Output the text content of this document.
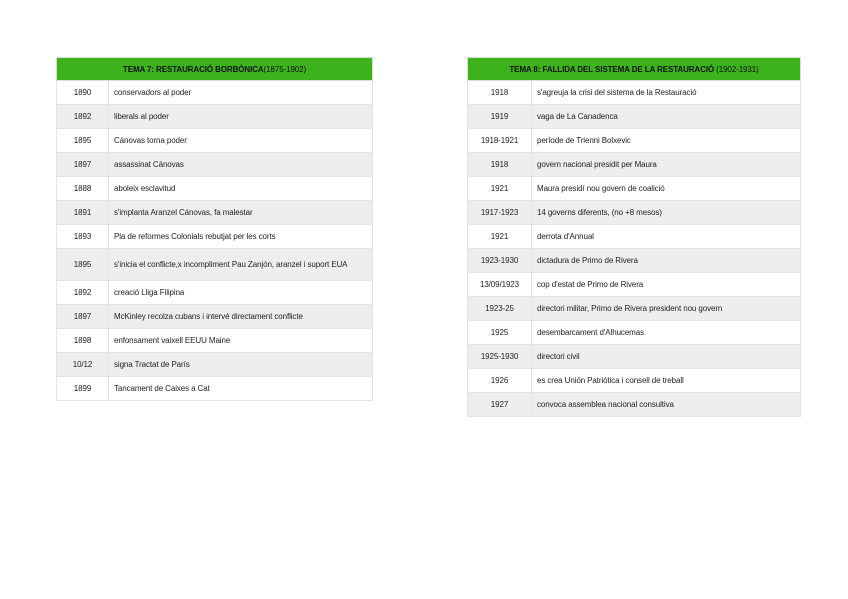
TEMA 7: RESTAURACIÓ BORBÒNICA(1875-1902)	
1890	conservadors al poder
1892	liberals al poder
1895	Cánovas torna poder
1897	assassinat Cánovas
1888	aboleix esclavitud
1891	s'implanta Aranzel Cánovas, fa malestar
1893	Pla de reformes Colonials rebutjat per les corts
1895	s'inicia el conflicte,x incompliment Pau Zanjón, aranzel i suport EUA
1892	creació Lliga Filipina
1897	McKinley recolza cubans i intervé directament conflicte
1898	enfonsament vaixell EEUU Maine
10/12	signa Tractat de París
1899	Tancament de Caixes a Cat
TEMA 8: FALLIDA DEL SISTEMA DE LA RESTAURACIÓ (1902-1931)	
1918	s'agreuja la crisi del sistema de la Restauració
1919	vaga de La Canadenca
1918-1921	període de Trienni Bolxevic
1918	govern nacional presidit per Maura
1921	Maura presidí nou govern de coalició
1917-1923	14 governs diferents, (no +8 mesos)
1921	derrota d'Annual
1923-1930	dictadura de Primo de Rivera
13/09/1923	cop d'estat de Primo de Rivera
1923-25	directori militar, Primo de Rivera president nou govern
1925	desembarcament d'Alhucemas
1925-1930	directori civil
1926	es crea Unión Patriótica i consell de treball
1927	convoca assemblea nacional consultiva
